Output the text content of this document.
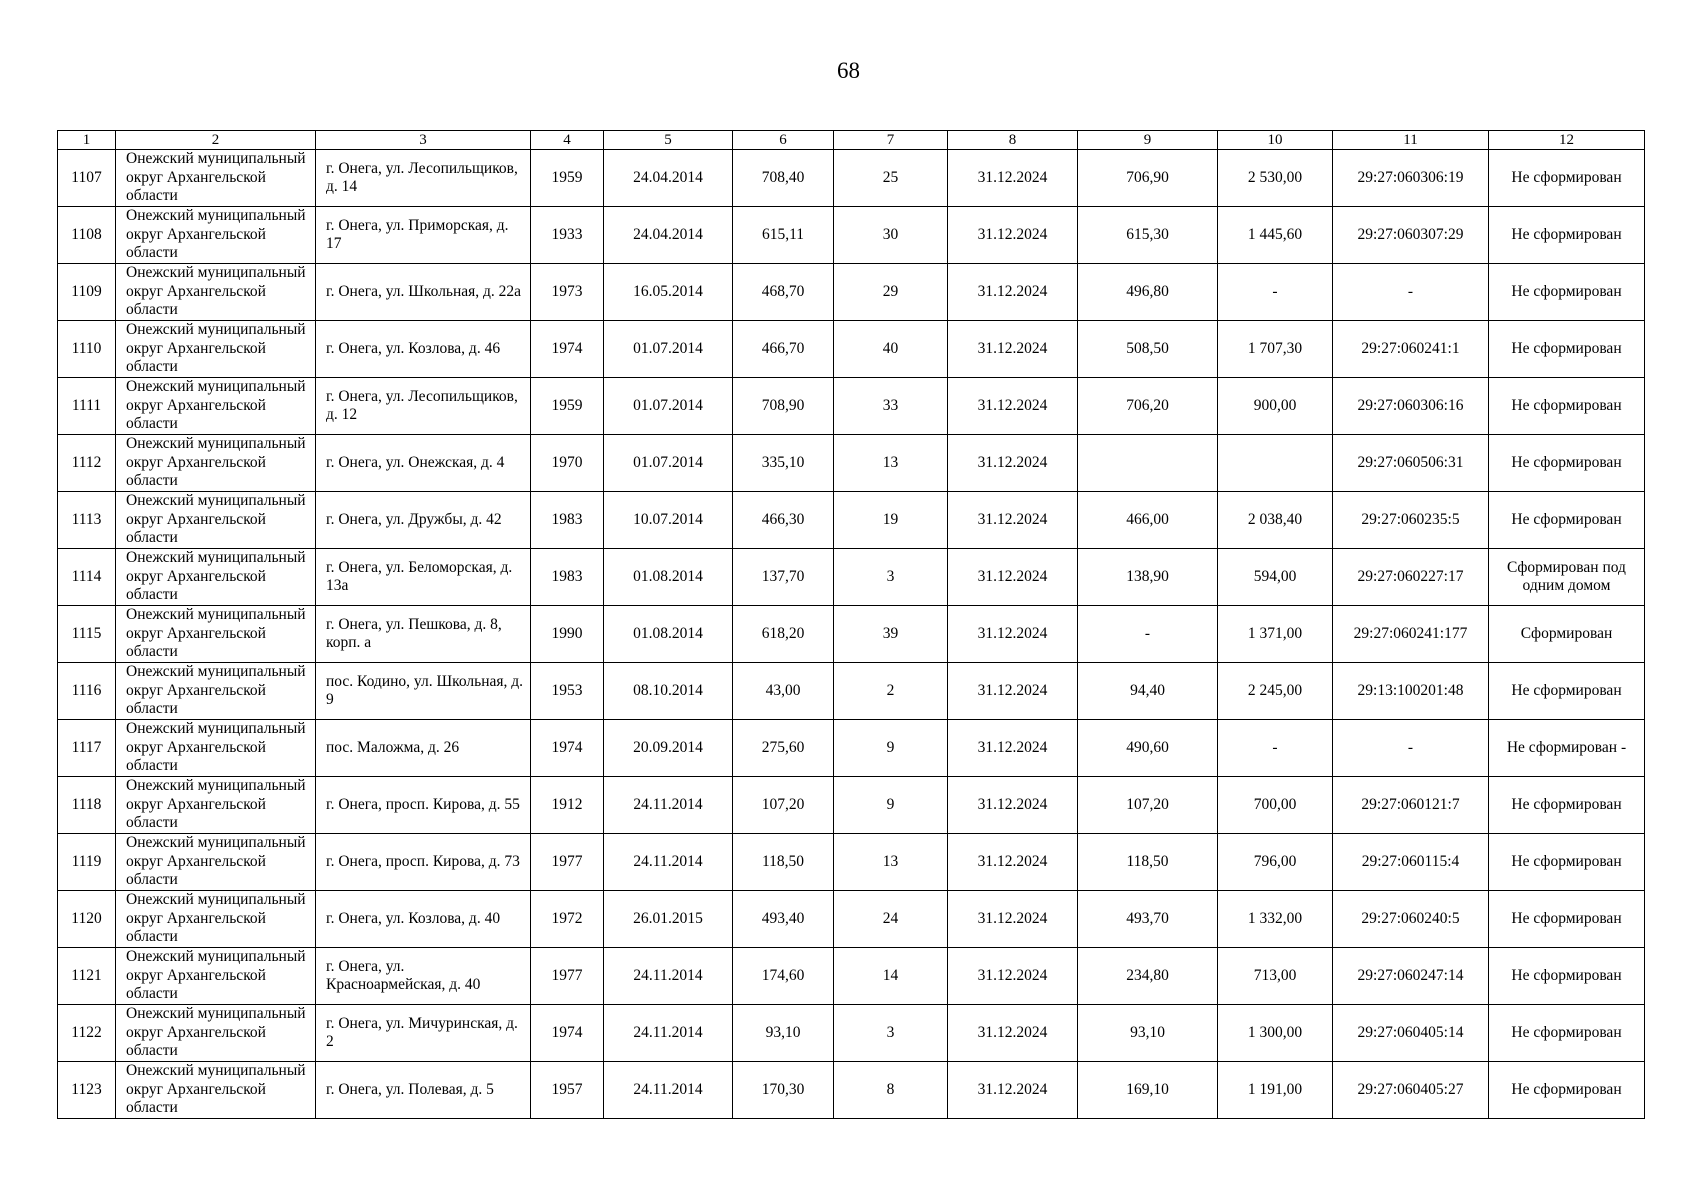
68
1	2	3	4	5	6	7	8	9	10	11	12
1107	Онежский муниципальный округ Архангельской области	г. Онега, ул. Лесопильщиков, д. 14	1959	24.04.2014	708,40	25	31.12.2024	706,90	2 530,00	29:27:060306:19	Не сформирован
1108	Онежский муниципальный округ Архангельской области	г. Онега, ул. Приморская, д. 17	1933	24.04.2014	615,11	30	31.12.2024	615,30	1 445,60	29:27:060307:29	Не сформирован
1109	Онежский муниципальный округ Архангельской области	г. Онега, ул. Школьная, д. 22а	1973	16.05.2014	468,70	29	31.12.2024	496,80	-	-	Не сформирован
1110	Онежский муниципальный округ Архангельской области	г. Онега, ул. Козлова, д. 46	1974	01.07.2014	466,70	40	31.12.2024	508,50	1 707,30	29:27:060241:1	Не сформирован
1111	Онежский муниципальный округ Архангельской области	г. Онега, ул. Лесопильщиков, д. 12	1959	01.07.2014	708,90	33	31.12.2024	706,20	900,00	29:27:060306:16	Не сформирован
1112	Онежский муниципальный округ Архангельской области	г. Онега, ул. Онежская, д. 4	1970	01.07.2014	335,10	13	31.12.2024			29:27:060506:31	Не сформирован
1113	Онежский муниципальный округ Архангельской области	г. Онега, ул. Дружбы, д. 42	1983	10.07.2014	466,30	19	31.12.2024	466,00	2 038,40	29:27:060235:5	Не сформирован
1114	Онежский муниципальный округ Архангельской области	г. Онега, ул. Беломорская, д. 13а	1983	01.08.2014	137,70	3	31.12.2024	138,90	594,00	29:27:060227:17	Сформирован под одним домом
1115	Онежский муниципальный округ Архангельской области	г. Онега, ул. Пешкова, д. 8, корп. а	1990	01.08.2014	618,20	39	31.12.2024	-	1 371,00	29:27:060241:177	Сформирован
1116	Онежский муниципальный округ Архангельской области	пос. Кодино, ул. Школьная, д. 9	1953	08.10.2014	43,00	2	31.12.2024	94,40	2 245,00	29:13:100201:48	Не сформирован
1117	Онежский муниципальный округ Архангельской области	пос. Маложма, д. 26	1974	20.09.2014	275,60	9	31.12.2024	490,60	-	-	Не сформирован -
1118	Онежский муниципальный округ Архангельской области	г. Онега, просп. Кирова, д. 55	1912	24.11.2014	107,20	9	31.12.2024	107,20	700,00	29:27:060121:7	Не сформирован
1119	Онежский муниципальный округ Архангельской области	г. Онега, просп. Кирова, д. 73	1977	24.11.2014	118,50	13	31.12.2024	118,50	796,00	29:27:060115:4	Не сформирован
1120	Онежский муниципальный округ Архангельской области	г. Онега, ул. Козлова, д. 40	1972	26.01.2015	493,40	24	31.12.2024	493,70	1 332,00	29:27:060240:5	Не сформирован
1121	Онежский муниципальный округ Архангельской области	г. Онега, ул. Красноармейская, д. 40	1977	24.11.2014	174,60	14	31.12.2024	234,80	713,00	29:27:060247:14	Не сформирован
1122	Онежский муниципальный округ Архангельской области	г. Онега, ул. Мичуринская, д. 2	1974	24.11.2014	93,10	3	31.12.2024	93,10	1 300,00	29:27:060405:14	Не сформирован
1123	Онежский муниципальный округ Архангельской области	г. Онега, ул. Полевая, д. 5	1957	24.11.2014	170,30	8	31.12.2024	169,10	1 191,00	29:27:060405:27	Не сформирован
